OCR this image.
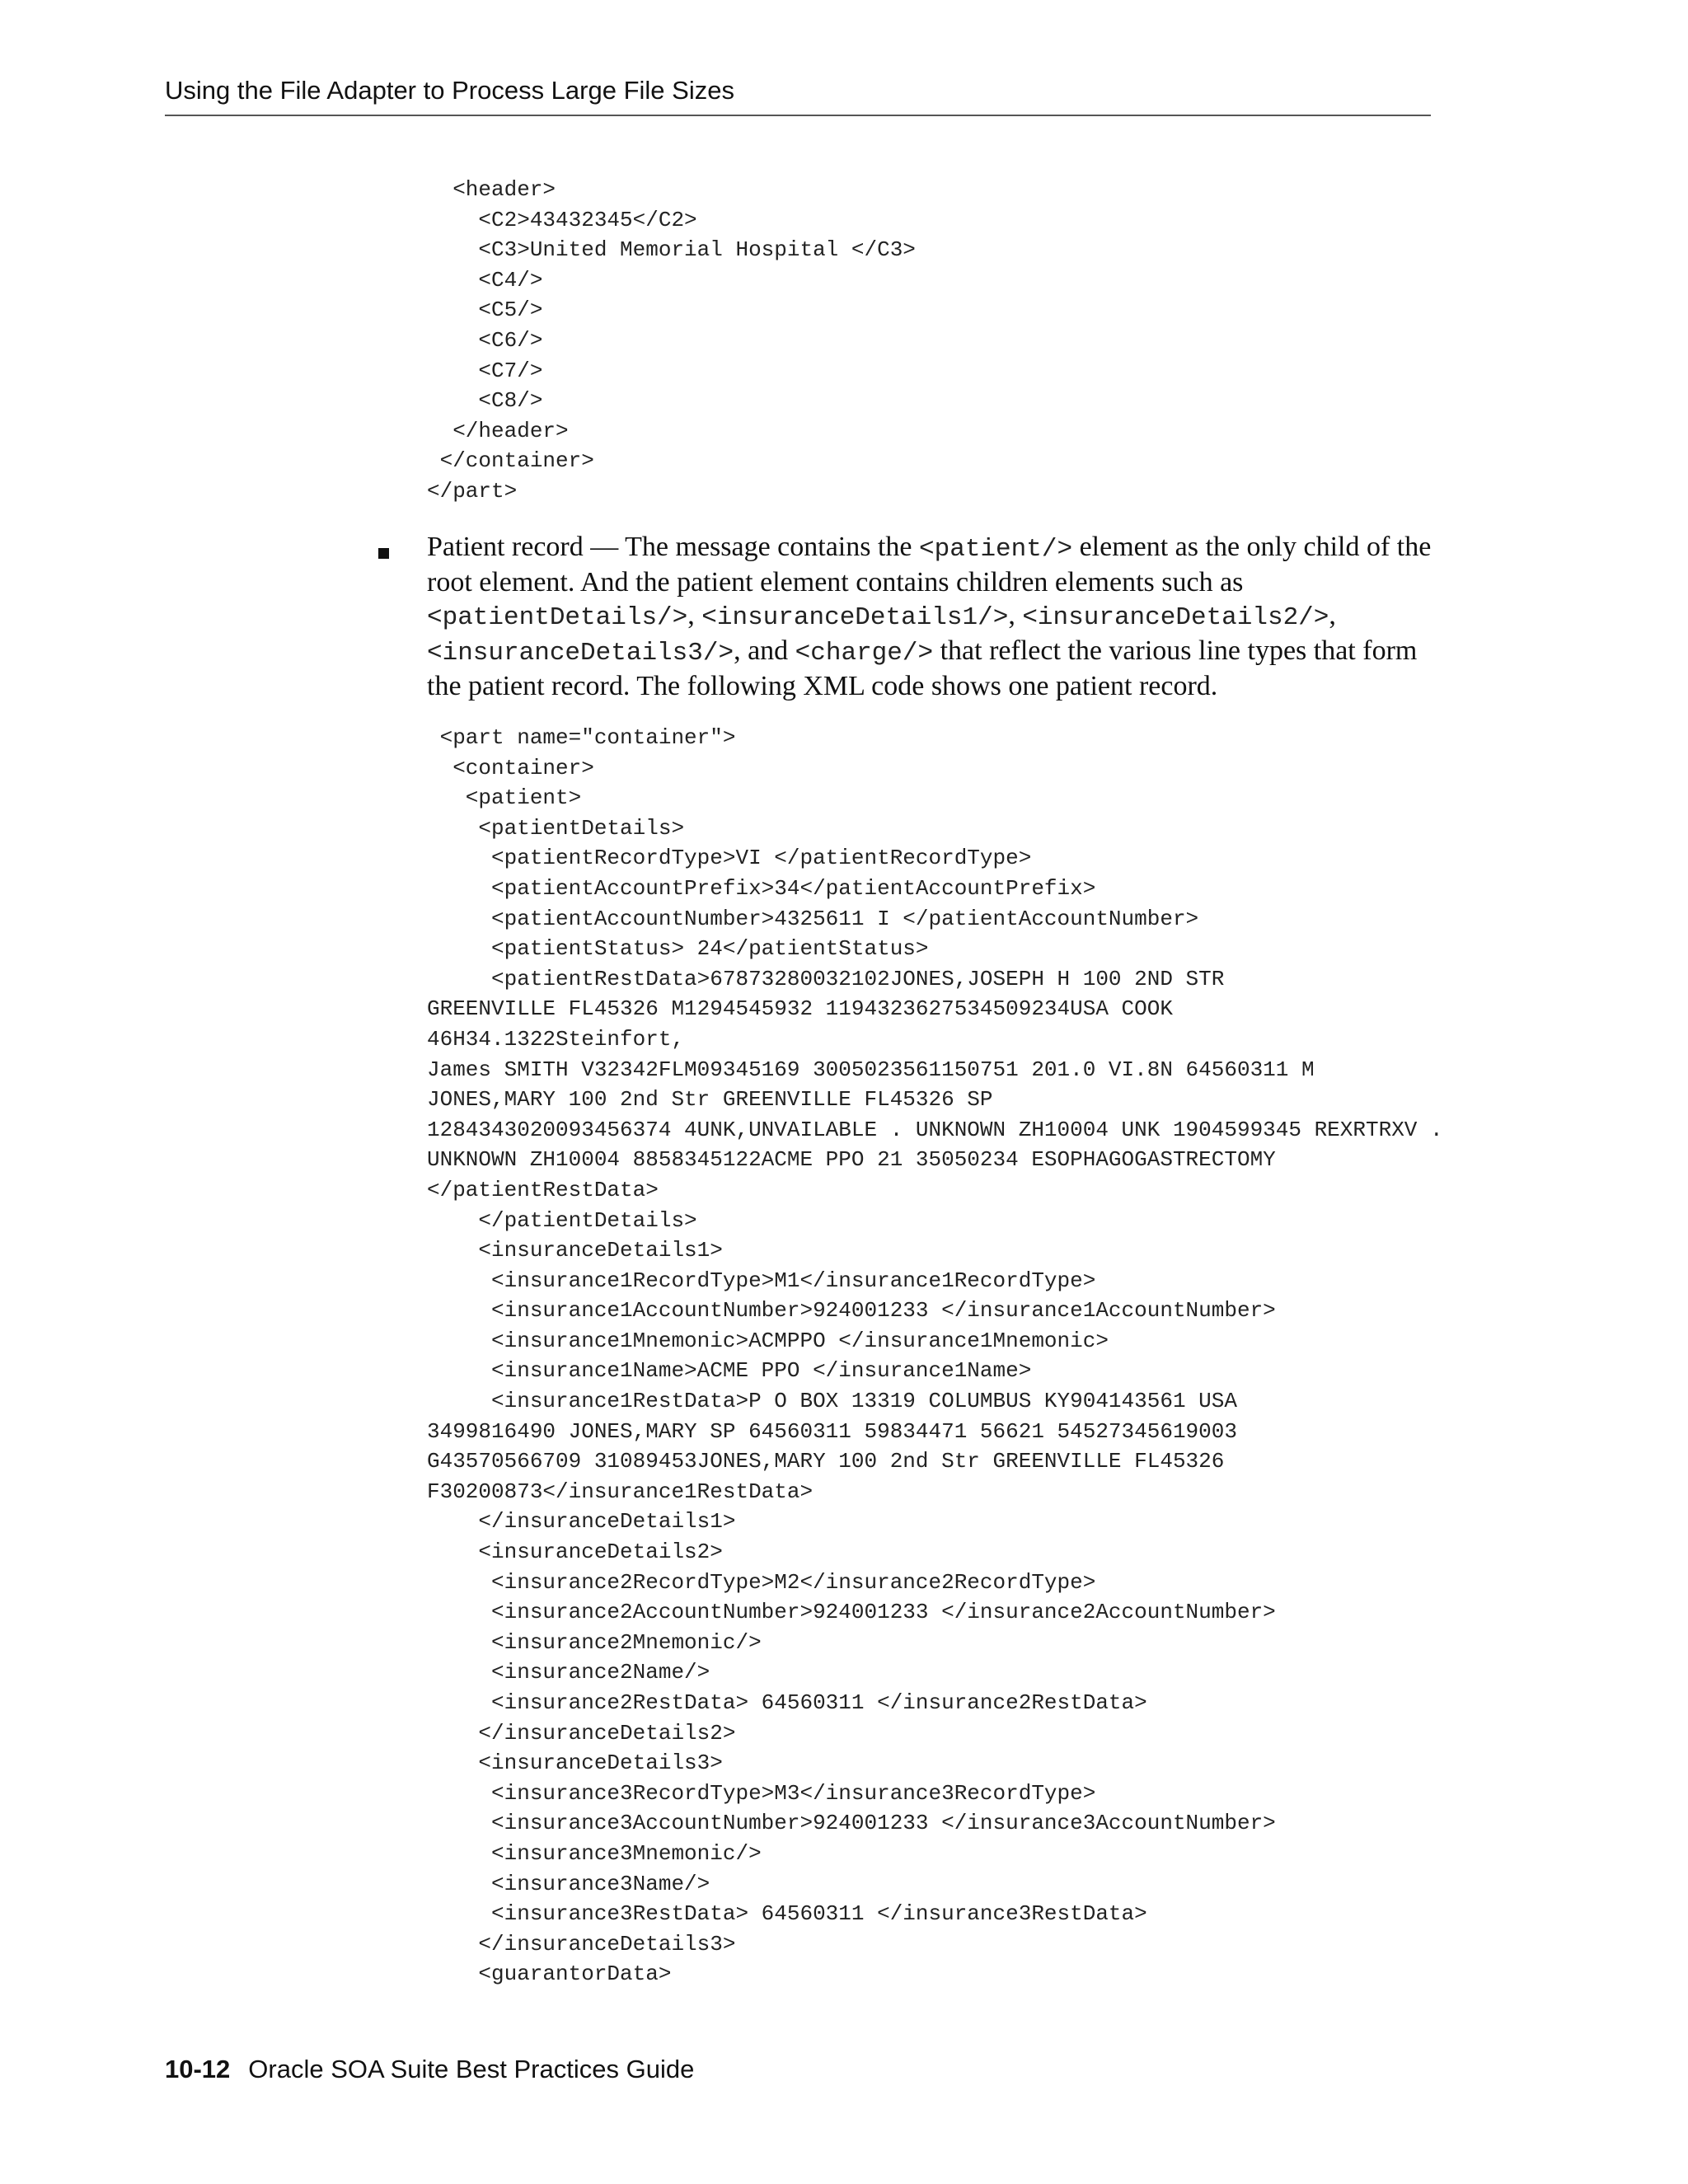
Using the File Adapter to Process Large File Sizes
<header>
<C2>43432345</C2>
<C3>United Memorial Hospital </C3>
<C4/>
<C5/>
<C6/>
<C7/>
<C8/>
</header>
</container>
</part>

Patient record — The message contains the <patient/> element as the only child of the root element. And the patient element contains children elements such as <patientDetails/>, <insuranceDetails1/>, <insuranceDetails2/>, <insuranceDetails3/>, and <charge/> that reflect the various line types that form the patient record. The following XML code shows one patient record.

<part name="container">
<container>
<patient>
<patientDetails>
<patientRecordType>VI </patientRecordType>
<patientAccountPrefix>34</patientAccountPrefix>
<patientAccountNumber>4325611 I </patientAccountNumber>
<patientStatus> 24</patientStatus>
<patientRestData>67873280032102JONES,JOSEPH H 100 2ND STR
GREENVILLE FL45326 M1294545932 1194323627534509234USA COOK
46H34.1322Steinfort,
James SMITH V32342FLM09345169 3005023561150751 201.0 VI.8N 64560311 M
JONES,MARY 100 2nd Str GREENVILLE FL45326 SP
1284343020093456374 4UNK,UNVAILABLE . UNKNOWN ZH10004 UNK 1904599345 REXRTRXV .
UNKNOWN ZH10004 8858345122ACME PPO 21 35050234 ESOPHAGOGASTRECTOMY
</patientRestData>
</patientDetails>
<insuranceDetails1>
<insurance1RecordType>M1</insurance1RecordType>
<insurance1AccountNumber>924001233 </insurance1AccountNumber>
<insurance1Mnemonic>ACMPPO </insurance1Mnemonic>
<insurance1Name>ACME PPO </insurance1Name>
<insurance1RestData>P O BOX 13319 COLUMBUS KY904143561 USA
3499816490 JONES,MARY SP 64560311 59834471 56621 54527345619003
G43570566709 31089453JONES,MARY 100 2nd Str GREENVILLE FL45326
F30200873</insurance1RestData>
</insuranceDetails1>
<insuranceDetails2>
<insurance2RecordType>M2</insurance2RecordType>
<insurance2AccountNumber>924001233 </insurance2AccountNumber>
<insurance2Mnemonic/>
<insurance2Name/>
<insurance2RestData> 64560311 </insurance2RestData>
</insuranceDetails2>
<insuranceDetails3>
<insurance3RecordType>M3</insurance3RecordType>
<insurance3AccountNumber>924001233 </insurance3AccountNumber>
<insurance3Mnemonic/>
<insurance3Name/>
<insurance3RestData> 64560311 </insurance3RestData>
</insuranceDetails3>
<guarantorData>
10-12 Oracle SOA Suite Best Practices Guide
